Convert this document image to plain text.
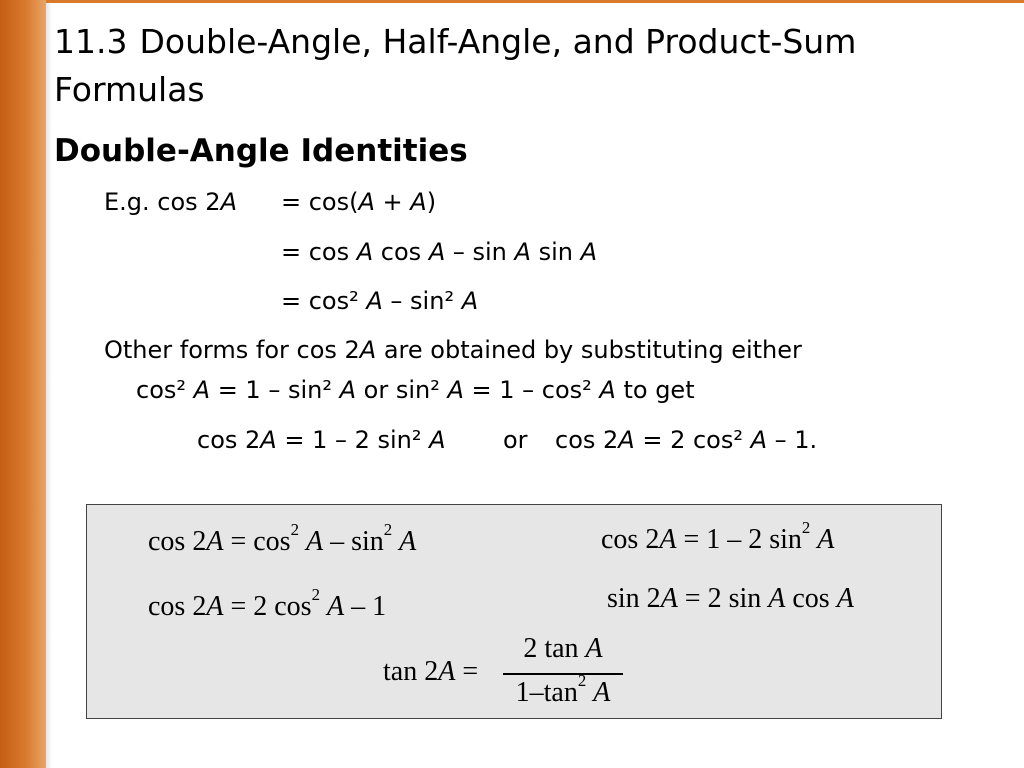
11.3 Double-Angle, Half-Angle, and Product-Sum Formulas
Double-Angle Identities
E.g. cos 2A = cos(A + A)
= cos A cos A – sin A sin A
= cos² A – sin² A
Other forms for cos 2A are obtained by substituting either
cos² A = 1 – sin² A or sin² A = 1 – cos² A to get
cos 2A = 1 – 2 sin² A or cos 2A = 2 cos² A – 1.
$\cos 2A = \cos^2 A - \sin^2 A$	cos 2A = 1 – 2 $\sin^2 A$
cos 2A = 2 $\cos^2 A - 1$	sin 2A = 2 sin A cos A
tan 2A =
2 tan A
$1-\tan^2$ A
